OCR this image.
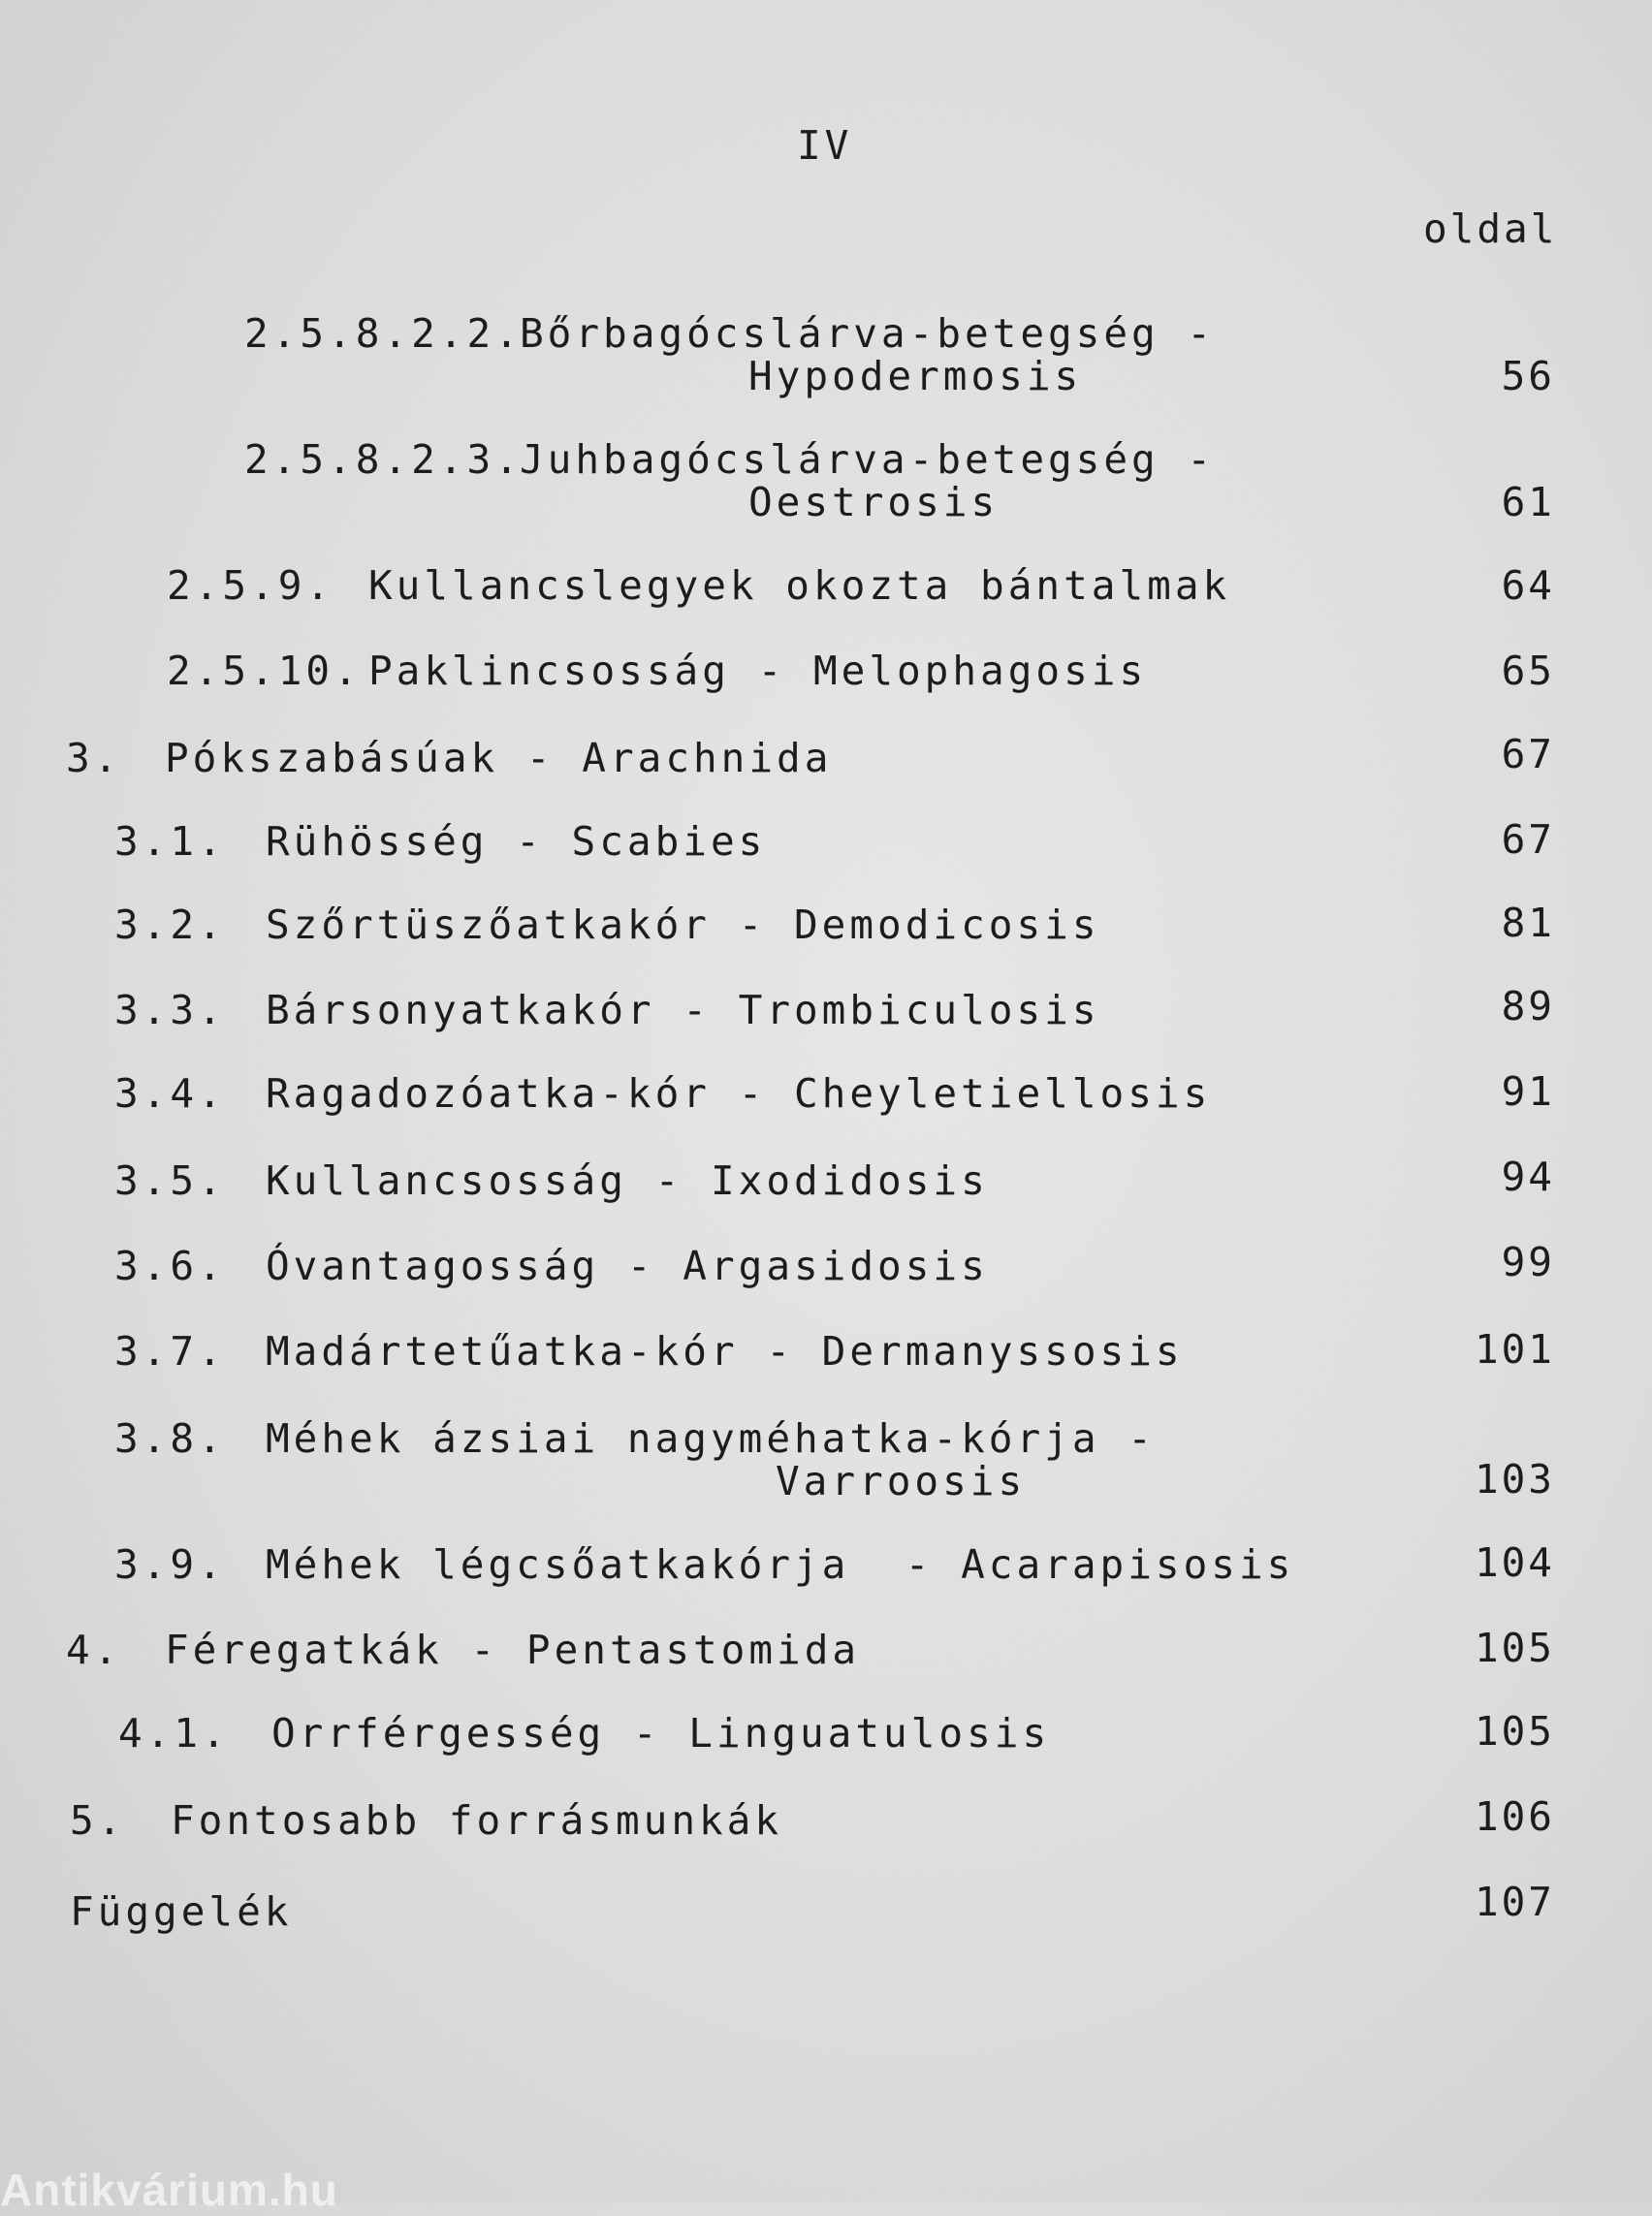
IV
oldal
2.5.8.2.2.
Bőrbagócslárva-betegség -
Hypodermosis	56
2.5.8.2.3.
Juhbagócslárva-betegség -
Oestrosis	61
2.5.9. Kullancslegyek okozta bántalmak	64
2.5.10. Paklincsosság - Melophagosis	65
3. Pókszabásúak - Arachnida	67
3.1. Rühösség - Scabies	67
3.2. Szőrtüszőatkakór - Demodicosis	81
3.3. Bársonyatkakór - Trombiculosis	89
3.4. Ragadozóatka-kór - Cheyletiellosis	91
3.5. Kullancsosság - Ixodidosis	94
3.6. Óvantagosság - Argasidosis	99
3.7. Madártetűatka-kór - Dermanyssosis	101
3.8. Méhek ázsiai nagyméhatka-kórja -
Varroosis	103
3.9. Méhek légcsőatkakórja  - Acarapisosis	104
4. Féregatkák - Pentastomida	105
4.1. Orrférgesség - Linguatulosis	105
5. Fontosabb forrásmunkák	106
Függelék	107
Antikvárium.hu
